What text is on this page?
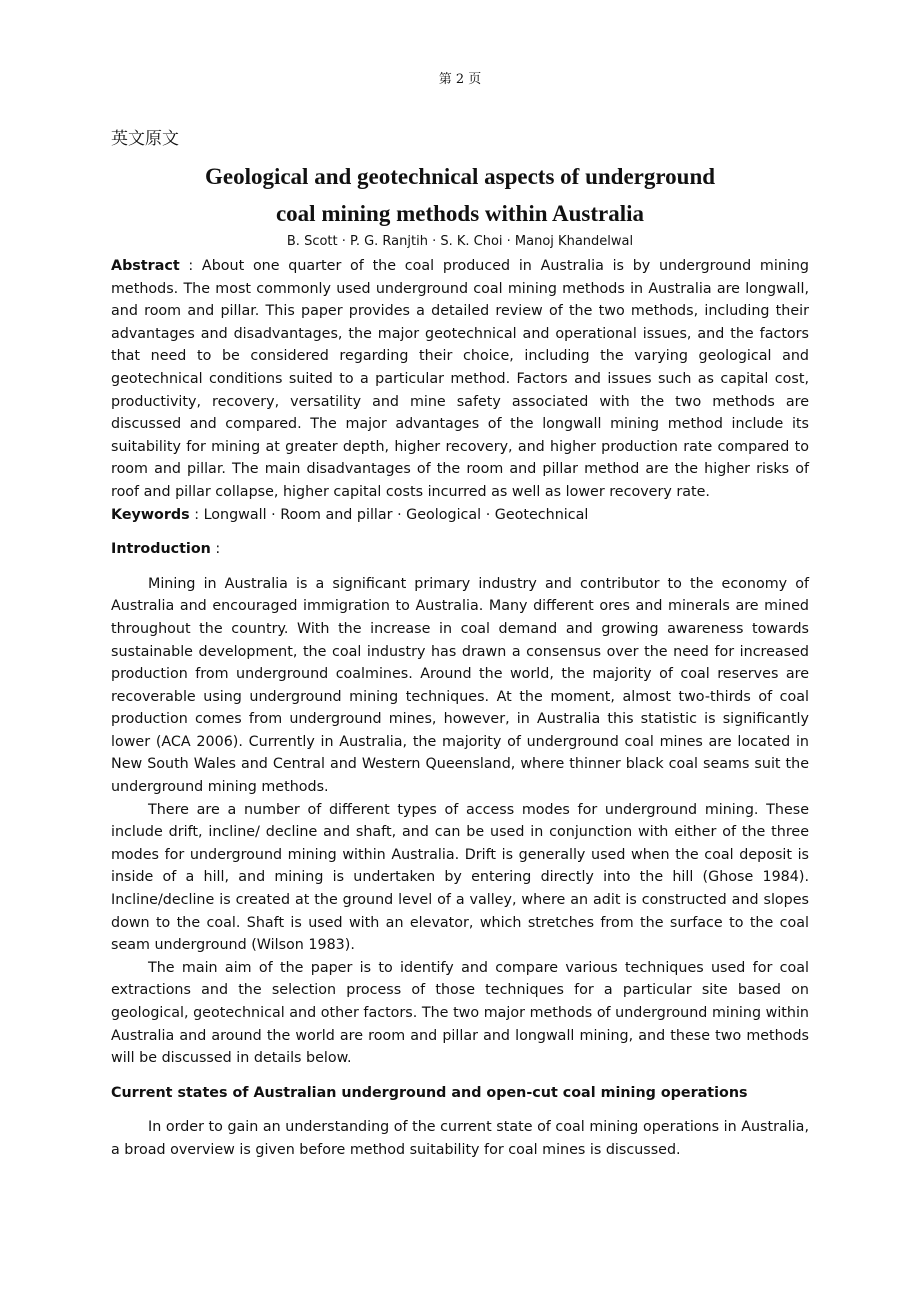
第 2 页
英文原文
Geological and geotechnical aspects of underground
coal mining methods within Australia
B. Scott · P. G. Ranjtih · S. K. Choi · Manoj Khandelwal

Abstract : About one quarter of the coal produced in Australia is by underground mining methods. The most commonly used underground coal mining methods in Australia are longwall, and room and pillar. This paper provides a detailed review of the two methods, including their advantages and disadvantages, the major geotechnical and operational issues, and the factors that need to be considered regarding their choice, including the varying geological and geotechnical conditions suited to a particular method. Factors and issues such as capital cost, productivity, recovery, versatility and mine safety associated with the two methods are discussed and compared. The major advantages of the longwall mining method include its suitability for mining at greater depth, higher recovery, and higher production rate compared to room and pillar. The main disadvantages of the room and pillar method are the higher risks of roof and pillar collapse, higher capital costs incurred as well as lower recovery rate.

Keywords : Longwall · Room and pillar · Geological · Geotechnical

Introduction :

Mining in Australia is a significant primary industry and contributor to the economy of Australia and encouraged immigration to Australia. Many different ores and minerals are mined throughout the country. With the increase in coal demand and growing awareness towards sustainable development, the coal industry has drawn a consensus over the need for increased production from underground coalmines. Around the world, the majority of coal reserves are recoverable using underground mining techniques. At the moment, almost two-thirds of coal production comes from underground mines, however, in Australia this statistic is significantly lower (ACA 2006). Currently in Australia, the majority of underground coal mines are located in New South Wales and Central and Western Queensland, where thinner black coal seams suit the underground mining methods.

There are a number of different types of access modes for underground mining. These include drift, incline/ decline and shaft, and can be used in conjunction with either of the three modes for underground mining within Australia. Drift is generally used when the coal deposit is inside of a hill, and mining is undertaken by entering directly into the hill (Ghose 1984). Incline/decline is created at the ground level of a valley, where an adit is constructed and slopes down to the coal. Shaft is used with an elevator, which stretches from the surface to the coal seam underground (Wilson 1983).

The main aim of the paper is to identify and compare various techniques used for coal extractions and the selection process of those techniques for a particular site based on geological, geotechnical and other factors. The two major methods of underground mining within Australia and around the world are room and pillar and longwall mining, and these two methods will be discussed in details below.

Current states of Australian underground and open-cut coal mining operations

In order to gain an understanding of the current state of coal mining operations in Australia, a broad overview is given before method suitability for coal mines is discussed.
